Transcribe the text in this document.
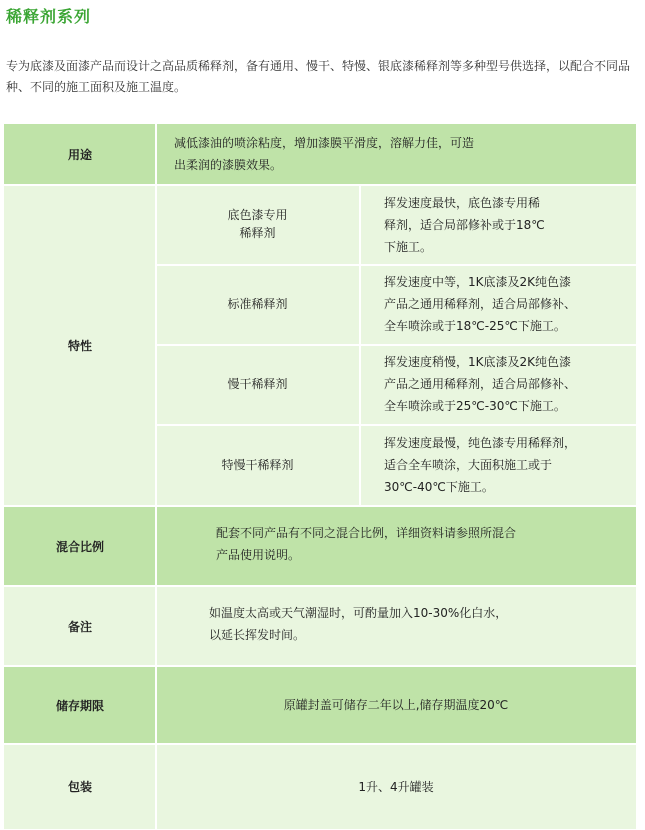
稀释剂系列
专为底漆及面漆产品而设计之高品质稀释剂，备有通用、慢干、特慢、银底漆稀释剂等多种型号供选择，以配合不同品种、不同的施工面积及施工温度。
用途
减低漆油的喷涂粘度，增加漆膜平滑度，溶解力佳，可造
出柔润的漆膜效果。
特性
底色漆专用
稀释剂
挥发速度最快，底色漆专用稀
释剂，适合局部修补或于18℃
下施工。
标准稀释剂
挥发速度中等，1K底漆及2K纯色漆
产品之通用稀释剂，适合局部修补、
全车喷涂或于18℃-25℃下施工。
慢干稀释剂
挥发速度稍慢，1K底漆及2K纯色漆
产品之通用稀释剂，适合局部修补、
全车喷涂或于25℃-30℃下施工。
特慢干稀释剂
挥发速度最慢，纯色漆专用稀释剂，
适合全车喷涂，大面积施工或于
30℃-40℃下施工。
混合比例
配套不同产品有不同之混合比例，详细资料请参照所混合
产品使用说明。
备注
如温度太高或天气潮湿时，可酌量加入10-30%化白水，
以延长挥发时间。
储存期限	原罐封盖可储存二年以上,储存期温度20℃
包装	1升、4升罐装
